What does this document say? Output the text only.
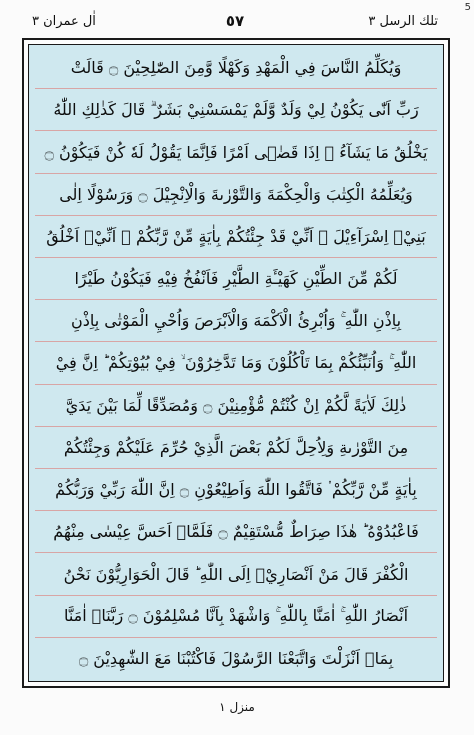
5
تلك الرسل ٣
٥٧
اٰل عمران ٣
وَيُكَلِّمُ النَّاسَ فِي الْمَهْدِ وَكَهْلًا وَّمِنَ الصّٰلِحِيْنَ ۝ قَالَتْ
رَبِّ اَنّٰى يَكُوْنُ لِيْ وَلَدٌ وَّلَمْ يَمْسَسْنِيْ بَشَرٌ ۗ قَالَ كَذٰلِكِ اللّٰهُ
يَخْلُقُ مَا يَشَآءُ ۗ اِذَا قَضٰۤى اَمْرًا فَاِنَّمَا يَقُوْلُ لَهٗ كُنْ فَيَكُوْنُ ۝
وَيُعَلِّمُهُ الْكِتٰبَ وَالْحِكْمَةَ وَالتَّوْرٰىةَ وَالْاِنْجِيْلَ ۝ وَرَسُوْلًا اِلٰى
بَنِيْۤ اِسْرَآءِيْلَ ۙ اَنِّيْ قَدْ جِئْتُكُمْ بِاٰيَةٍ مِّنْ رَّبِّكُمْ ۙ اَنِّيْۤ اَخْلُقُ
لَكُمْ مِّنَ الطِّيْنِ كَهَيْـَٔةِ الطَّيْرِ فَاَنْفُخُ فِيْهِ فَيَكُوْنُ طَيْرًا
بِاِذْنِ اللّٰهِ ۚ وَاُبْرِئُ الْاَكْمَهَ وَالْاَبْرَصَ وَاُحْيِ الْمَوْتٰى بِاِذْنِ
اللّٰهِ ۚ وَاُنَبِّئُكُمْ بِمَا تَاْكُلُوْنَ وَمَا تَدَّخِرُوْنَ ۙ فِيْ بُيُوْتِكُمْ ؕ اِنَّ فِيْ
ذٰلِكَ لَاٰيَةً لَّكُمْ اِنْ كُنْتُمْ مُّؤْمِنِيْنَ ۝ وَمُصَدِّقًا لِّمَا بَيْنَ يَدَيَّ
مِنَ التَّوْرٰىةِ وَلِاُحِلَّ لَكُمْ بَعْضَ الَّذِيْ حُرِّمَ عَلَيْكُمْ وَجِئْتُكُمْ
بِاٰيَةٍ مِّنْ رَّبِّكُمْ ۟ فَاتَّقُوا اللّٰهَ وَاَطِيْعُوْنِ ۝ اِنَّ اللّٰهَ رَبِّيْ وَرَبُّكُمْ
فَاعْبُدُوْهُ ؕ هٰذَا صِرَاطٌ مُّسْتَقِيْمٌ ۝ فَلَمَّاۤ اَحَسَّ عِيْسٰى مِنْهُمُ
الْكُفْرَ قَالَ مَنْ اَنْصَارِيْۤ اِلَى اللّٰهِ ؕ قَالَ الْحَوَارِيُّوْنَ نَحْنُ
اَنْصَارُ اللّٰهِ ۚ اٰمَنَّا بِاللّٰهِ ۚ وَاشْهَدْ بِاَنَّا مُسْلِمُوْنَ ۝ رَبَّنَاۤ اٰمَنَّا
بِمَاۤ اَنْزَلْتَ وَاتَّبَعْنَا الرَّسُوْلَ فَاكْتُبْنَا مَعَ الشّٰهِدِيْنَ ۝
منزل ١
